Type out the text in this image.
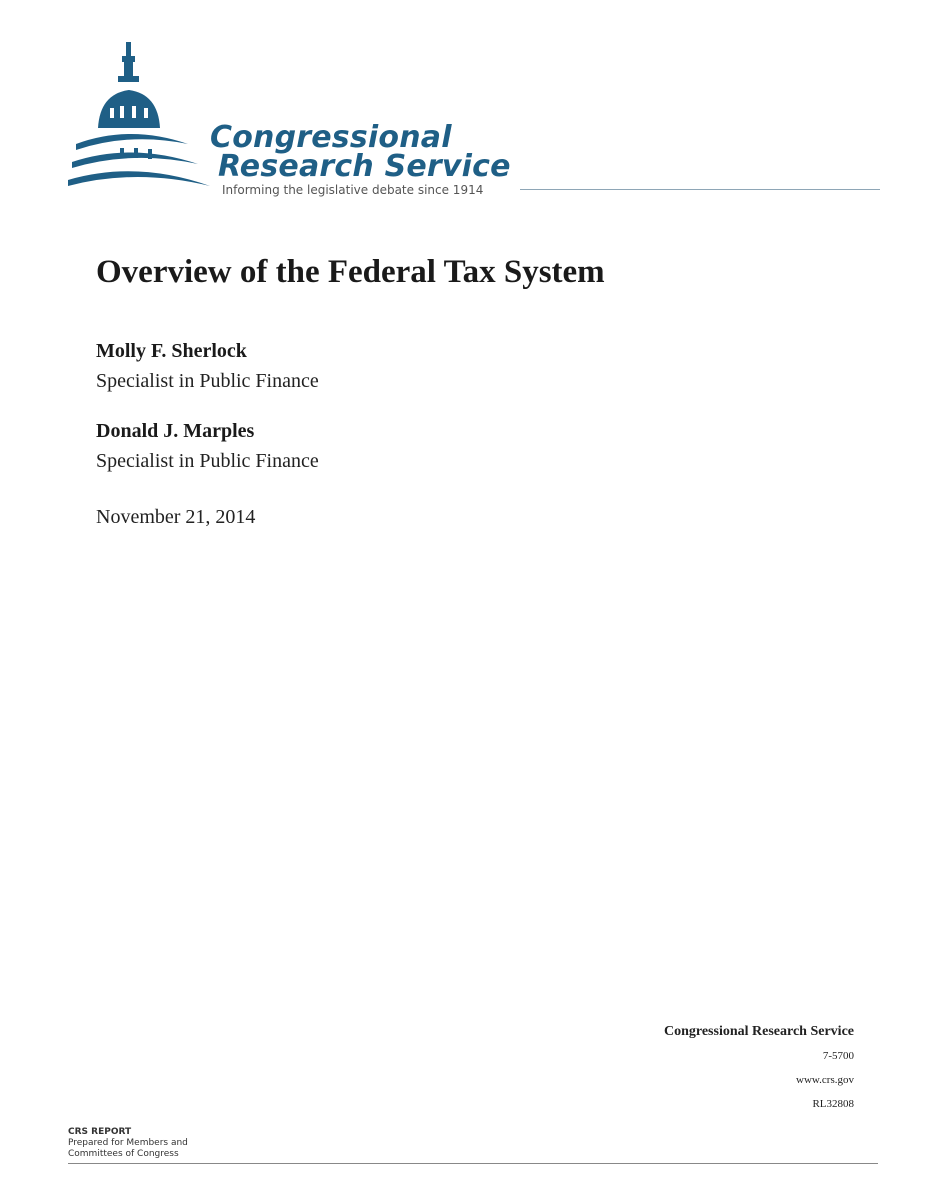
Congressional
Research Service
Informing the legislative debate since 1914
Overview of the Federal Tax System
Molly F. Sherlock
Specialist in Public Finance
Donald J. Marples
Specialist in Public Finance
November 21, 2014
Congressional Research Service
7-5700
www.crs.gov
RL32808
CRS REPORT
Prepared for Members and
Committees of Congress
